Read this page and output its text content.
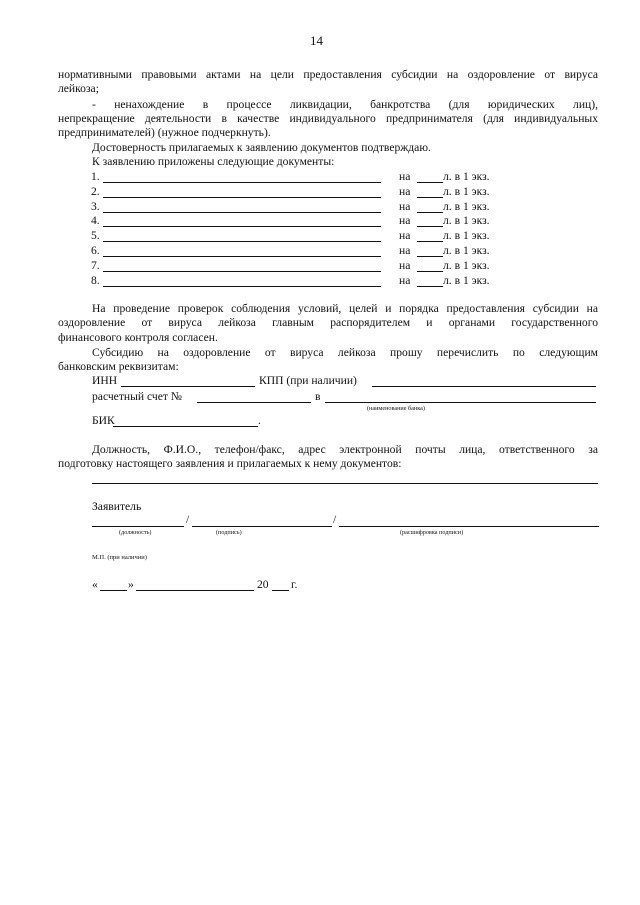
14
нормативными правовыми актами на цели предоставления субсидии на оздоровление от вируса
лейкоза;
- ненахождение в процессе ликвидации, банкротства (для юридических лиц),
непрекращение деятельности в качестве индивидуального предпринимателя (для индивидуальных
предпринимателей) (нужное подчеркнуть).
Достоверность прилагаемых к заявлению документов подтверждаю.
К заявлению приложены следующие документы:
1.	на	л. в 1 экз.
2.	на	л. в 1 экз.
3.	на	л. в 1 экз.
4.	на	л. в 1 экз.
5.	на	л. в 1 экз.
6.	на	л. в 1 экз.
7.	на	л. в 1 экз.
8.	на	л. в 1 экз.
На проведение проверок соблюдения условий, целей и порядка предоставления субсидии на
оздоровление от вируса лейкоза главным распорядителем и органами государственного
финансового контроля согласен.
Субсидию на оздоровление от вируса лейкоза прошу перечислить по следующим
банковским реквизитам:
ИНН	КПП (при наличии)
расчетный счет №	в
(наименование банка)
БИК	.
Должность, Ф.И.О., телефон/факс, адрес электронной почты лица, ответственного за
подготовку настоящего заявления и прилагаемых к нему документов:
Заявитель
/	/
(должность)	(подпись)	(расшифровка подписи)
М.П. (при наличии)
«	»	20 г.
